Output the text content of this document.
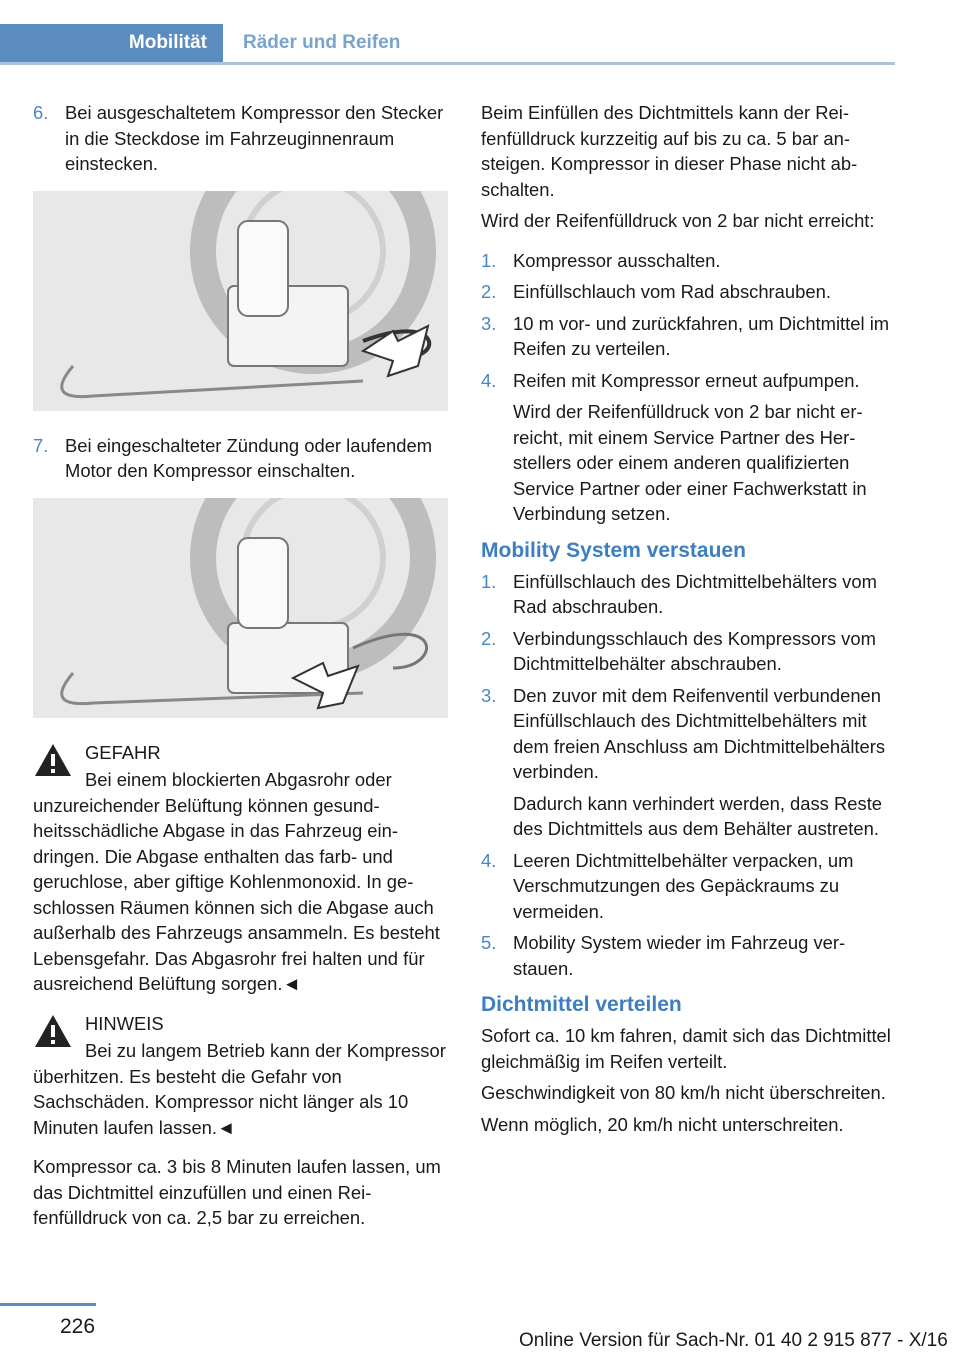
Mobilität	Räder und Reifen
6. Bei ausgeschaltetem Kompressor den Stecker in die Steckdose im Fahrzeuginnenraum einstecken.
7. Bei eingeschalteter Zündung oder laufendem Motor den Kompressor einschalten.
GEFAHR
Bei einem blockierten Abgasrohr oder unzureichender Belüftung können gesundheitsschädliche Abgase in das Fahrzeug eindringen. Die Abgase enthalten das farb- und geruchlose, aber giftige Kohlenmonoxid. In geschlossen Räumen können sich die Abgase auch außerhalb des Fahrzeugs ansammeln. Es besteht Lebensgefahr. Das Abgasrohr frei halten und für ausreichend Belüftung sorgen.◄
HINWEIS
Bei zu langem Betrieb kann der Kompressor überhitzen. Es besteht die Gefahr von Sachschäden. Kompressor nicht länger als 10 Minuten laufen lassen.◄

Kompressor ca. 3 bis 8 Minuten laufen lassen, um das Dichtmittel einzufüllen und einen Reifenfülldruck von ca. 2,5 bar zu erreichen.

Beim Einfüllen des Dichtmittels kann der Reifenfülldruck kurzzeitig auf bis zu ca. 5 bar ansteigen. Kompressor in dieser Phase nicht abschalten.

Wird der Reifenfülldruck von 2 bar nicht erreicht:

1. Kompressor ausschalten.
2. Einfüllschlauch vom Rad abschrauben.
3. 10 m vor- und zurückfahren, um Dichtmittel im Reifen zu verteilen.
4. Reifen mit Kompressor erneut aufpumpen.
Wird der Reifenfülldruck von 2 bar nicht erreicht, mit einem Service Partner des Herstellers oder einem anderen qualifizierten Service Partner oder einer Fachwerkstatt in Verbindung setzen.
Mobility System verstauen
1. Einfüllschlauch des Dichtmittelbehälters vom Rad abschrauben.
2. Verbindungsschlauch des Kompressors vom Dichtmittelbehälter abschrauben.
3. Den zuvor mit dem Reifenventil verbundenen Einfüllschlauch des Dichtmittelbehälters mit dem freien Anschluss am Dichtmittelbehälters verbinden.
Dadurch kann verhindert werden, dass Reste des Dichtmittels aus dem Behälter austreten.
4. Leeren Dichtmittelbehälter verpacken, um Verschmutzungen des Gepäckraums zu vermeiden.
5. Mobility System wieder im Fahrzeug verstauen.
Dichtmittel verteilen

Sofort ca. 10 km fahren, damit sich das Dichtmittel gleichmäßig im Reifen verteilt.

Geschwindigkeit von 80 km/h nicht überschreiten.

Wenn möglich, 20 km/h nicht unterschreiten.

226
Online Version für Sach-Nr. 01 40 2 915 877 - X/16
